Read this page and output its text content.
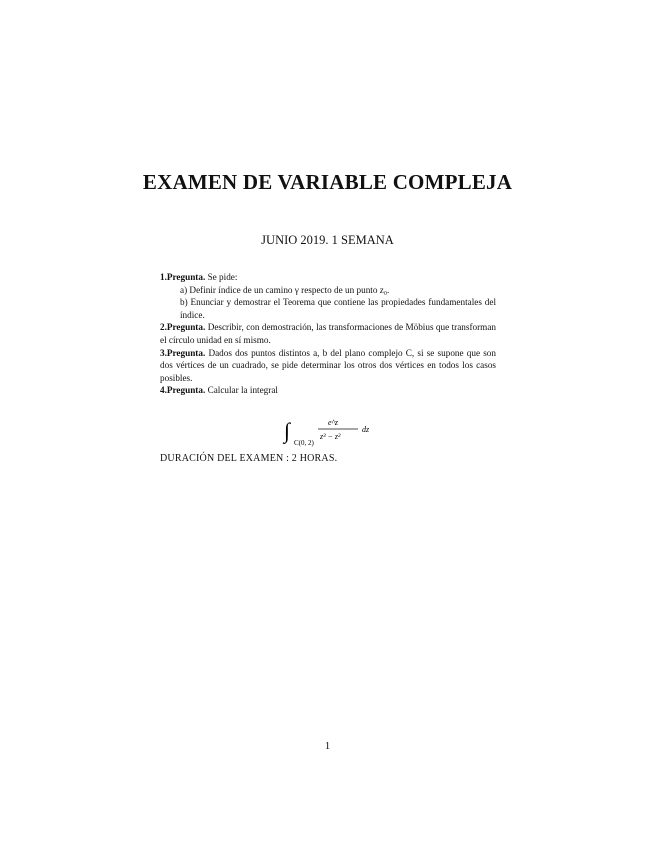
EXAMEN DE VARIABLE COMPLEJA
JUNIO 2019. 1 SEMANA

1.Pregunta. Se pide:

a) Definir índice de un camino γ respecto de un punto z₀.

b) Enunciar y demostrar el Teorema que contiene las propiedades fundamentales del índice.

2.Pregunta. Describir, con demostración, las transformaciones de Möbius que transforman el círculo unidad en sí mismo.

3.Pregunta. Dados dos puntos distintos a, b del plano complejo C, si se supone que son dos vértices de un cuadrado, se pide determinar los otros dos vértices en todos los casos posibles.

4.Pregunta. Calcular la integral

∫ C(0, 2)
e^z
z³ − z²
dz
DURACIÓN DEL EXAMEN : 2 HORAS.
1
